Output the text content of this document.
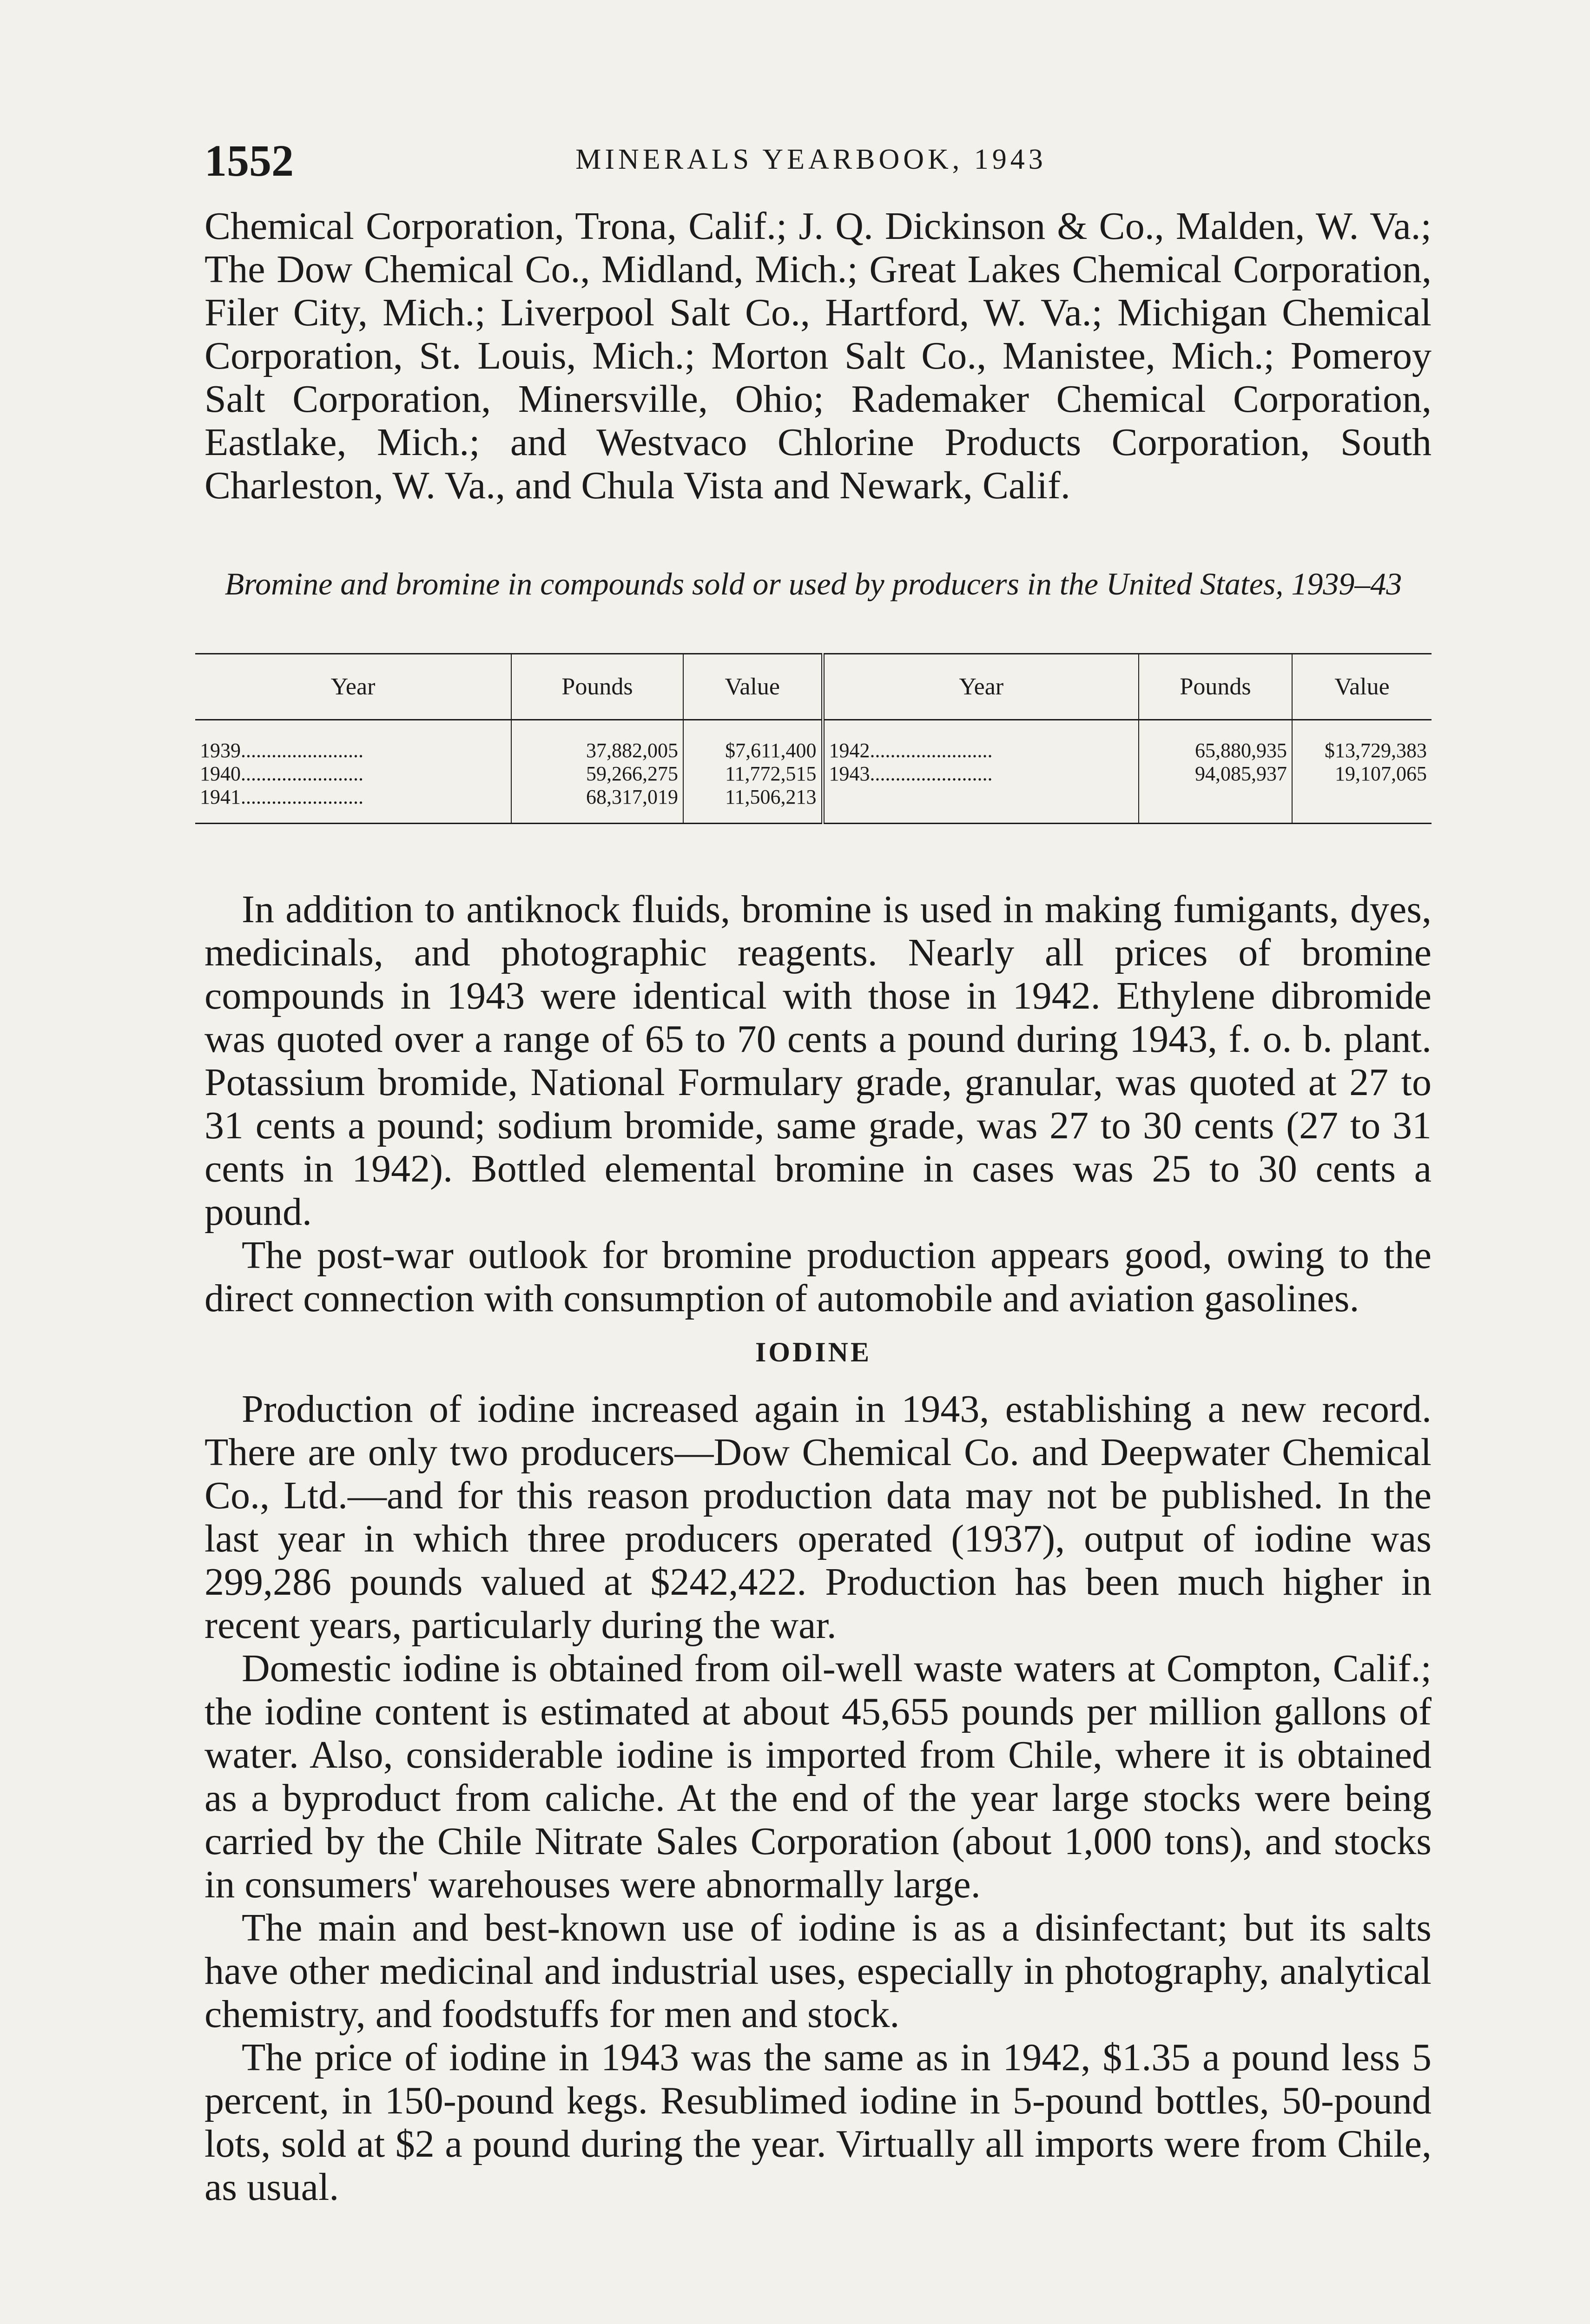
1552	MINERALS YEARBOOK, 1943

Chemical Corporation, Trona, Calif.; J. Q. Dickinson & Co., Malden, W. Va.; The Dow Chemical Co., Midland, Mich.; Great Lakes Chemical Corporation, Filer City, Mich.; Liverpool Salt Co., Hartford, W. Va.; Michigan Chemical Corporation, St. Louis, Mich.; Morton Salt Co., Manistee, Mich.; Pomeroy Salt Corporation, Minersville, Ohio; Rademaker Chemical Corporation, Eastlake, Mich.; and Westvaco Chlorine Products Corporation, South Charleston, W. Va., and Chula Vista and Newark, Calif.

Bromine and bromine in compounds sold or used by producers in the United States, 1939–43
Year	Pounds	Value	Year	Pounds	Value
1939........................	37,882,005	$7,611,400	1942........................	65,880,935	$13,729,383
1940........................	59,266,275	11,772,515	1943........................	94,085,937	19,107,065
1941........................	68,317,019	11,506,213			

In addition to antiknock fluids, bromine is used in making fumigants, dyes, medicinals, and photographic reagents. Nearly all prices of bromine compounds in 1943 were identical with those in 1942. Ethylene dibromide was quoted over a range of 65 to 70 cents a pound during 1943, f. o. b. plant. Potassium bromide, National Formulary grade, granular, was quoted at 27 to 31 cents a pound; sodium bromide, same grade, was 27 to 30 cents (27 to 31 cents in 1942). Bottled elemental bromine in cases was 25 to 30 cents a pound.

The post-war outlook for bromine production appears good, owing to the direct connection with consumption of automobile and aviation gasolines.

IODINE

Production of iodine increased again in 1943, establishing a new record. There are only two producers—Dow Chemical Co. and Deepwater Chemical Co., Ltd.—and for this reason production data may not be published. In the last year in which three producers operated (1937), output of iodine was 299,286 pounds valued at $242,422. Production has been much higher in recent years, particularly during the war.

Domestic iodine is obtained from oil-well waste waters at Compton, Calif.; the iodine content is estimated at about 45,655 pounds per million gallons of water. Also, considerable iodine is imported from Chile, where it is obtained as a byproduct from caliche. At the end of the year large stocks were being carried by the Chile Nitrate Sales Corporation (about 1,000 tons), and stocks in consumers' warehouses were abnormally large.

The main and best-known use of iodine is as a disinfectant; but its salts have other medicinal and industrial uses, especially in photography, analytical chemistry, and foodstuffs for men and stock.

The price of iodine in 1943 was the same as in 1942, $1.35 a pound less 5 percent, in 150-pound kegs. Resublimed iodine in 5-pound bottles, 50-pound lots, sold at $2 a pound during the year. Virtually all imports were from Chile, as usual.
